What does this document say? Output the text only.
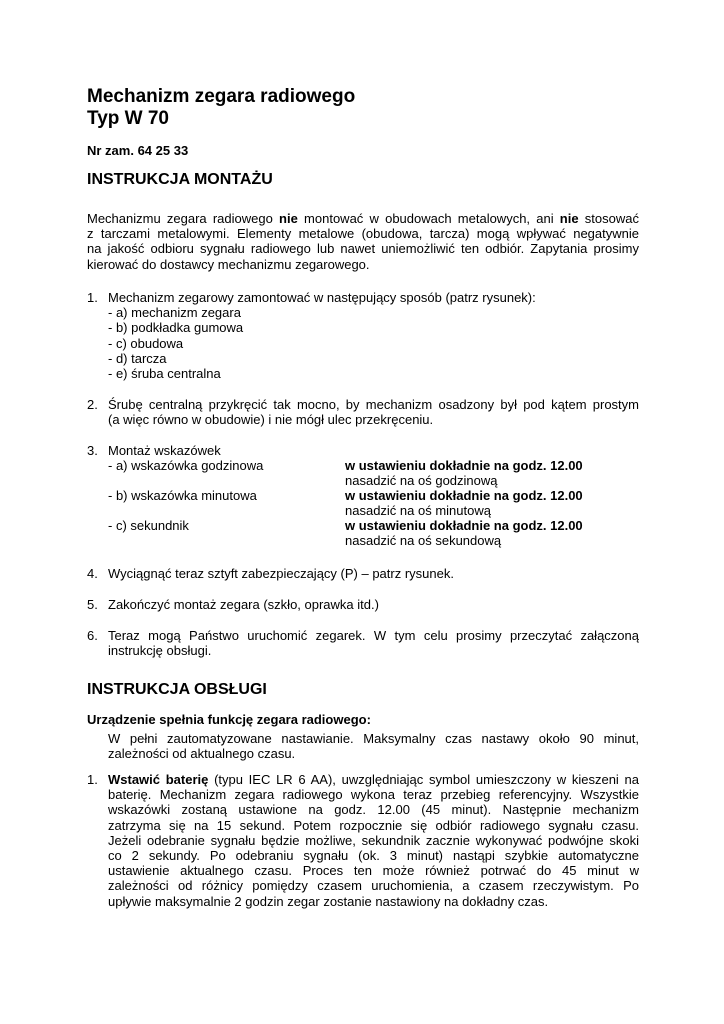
Mechanizm zegara radiowego
Typ W 70
Nr zam. 64 25 33
INSTRUKCJA MONTAŻU
Mechanizmu zegara radiowego nie montować w obudowach metalowych, ani nie stosować
z tarczami metalowymi. Elementy metalowe (obudowa, tarcza) mogą wpływać negatywnie
na jakość odbioru sygnału radiowego lub nawet uniemożliwić ten odbiór. Zapytania prosimy
kierować do dostawcy mechanizmu zegarowego.
1. Mechanizm zegarowy zamontować w następujący sposób (patrz rysunek):
- a) mechanizm zegara
- b) podkładka gumowa
- c) obudowa
- d) tarcza
- e) śruba centralna
2. Śrubę centralną przykręcić tak mocno, by mechanizm osadzony był pod kątem prostym
(a więc równo w obudowie) i nie mógł ulec przekręceniu.
3. Montaż wskazówek
- a) wskazówka godzinowa	w ustawieniu dokładnie na godz. 12.00
nasadzić na oś godzinową
- b) wskazówka minutowa	w ustawieniu dokładnie na godz. 12.00
nasadzić na oś minutową
- c) sekundnik	w ustawieniu dokładnie na godz. 12.00
nasadzić na oś sekundową
4. Wyciągnąć teraz sztyft zabezpieczający (P) – patrz rysunek.
5. Zakończyć montaż zegara (szkło, oprawka itd.)
6. Teraz mogą Państwo uruchomić zegarek. W tym celu prosimy przeczytać załączoną
instrukcję obsługi.
INSTRUKCJA OBSŁUGI
Urządzenie spełnia funkcję zegara radiowego:
W pełni zautomatyzowane nastawianie. Maksymalny czas nastawy około 90 minut,
zależności od aktualnego czasu.
1. Wstawić baterię (typu IEC LR 6 AA), uwzględniając symbol umieszczony w kieszeni na
baterię. Mechanizm zegara radiowego wykona teraz przebieg referencyjny. Wszystkie
wskazówki zostaną ustawione na godz. 12.00 (45 minut). Następnie mechanizm
zatrzyma się na 15 sekund. Potem rozpocznie się odbiór radiowego sygnału czasu.
Jeżeli odebranie sygnału będzie możliwe, sekundnik zacznie wykonywać podwójne skoki
co 2 sekundy. Po odebraniu sygnału (ok. 3 minut) nastąpi szybkie automatyczne
ustawienie aktualnego czasu. Proces ten może również potrwać do 45 minut w
zależności od różnicy pomiędzy czasem uruchomienia, a czasem rzeczywistym. Po
upływie maksymalnie 2 godzin zegar zostanie nastawiony na dokładny czas.
